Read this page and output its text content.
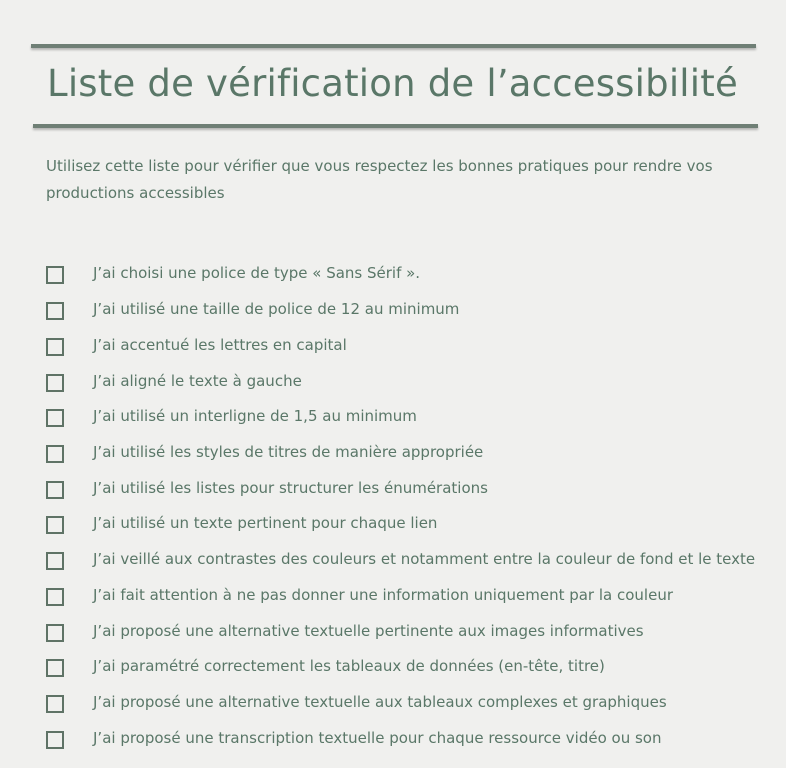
Liste de vérification de l’accessibilité

Utilisez cette liste pour vérifier que vous respectez les bonnes pratiques pour rendre vos productions accessibles

J’ai choisi une police de type « Sans Sérif ».
J’ai utilisé une taille de police de 12 au minimum
J’ai accentué les lettres en capital
J’ai aligné le texte à gauche
J’ai utilisé un interligne de 1,5 au minimum
J’ai utilisé les styles de titres de manière appropriée
J’ai utilisé les listes pour structurer les énumérations
J’ai utilisé un texte pertinent pour chaque lien
J’ai veillé aux contrastes des couleurs et notamment entre la couleur de fond et le texte
J’ai fait attention à ne pas donner une information uniquement par la couleur
J’ai proposé une alternative textuelle pertinente aux images informatives
J’ai paramétré correctement les tableaux de données (en-tête, titre)
J’ai proposé une alternative textuelle aux tableaux complexes et graphiques
J’ai proposé une transcription textuelle pour chaque ressource vidéo ou son
